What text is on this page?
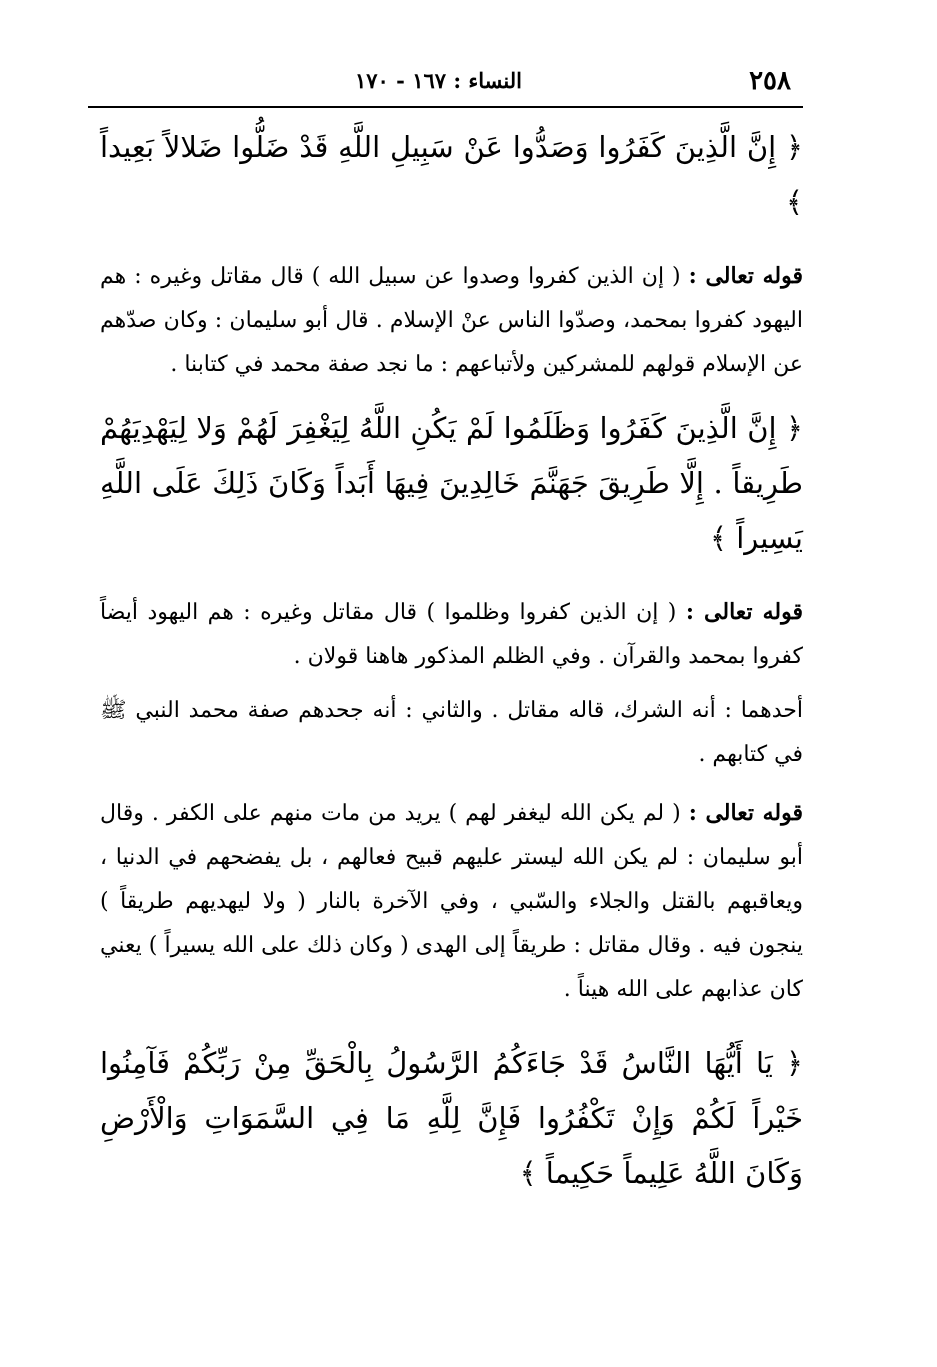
٢٥٨
النساء : ١٦٧ - ١٧٠

﴿ إِنَّ الَّذِينَ كَفَرُوا وَصَدُّوا عَنْ سَبِيلِ اللَّهِ قَدْ ضَلُّوا ضَلالاً بَعِيداً ﴾

قوله تعالى : ( إن الذين كفروا وصدوا عن سبيل الله ) قال مقاتل وغيره : هم اليهود كفروا بمحمد، وصدّوا الناس عنْ الإسلام . قال أبو سليمان : وكان صدّهم عن الإسلام قولهم للمشركين ولأتباعهم : ما نجد صفة محمد في كتابنا .

﴿ إِنَّ الَّذِينَ كَفَرُوا وَظَلَمُوا لَمْ يَكُنِ اللَّهُ لِيَغْفِرَ لَهُمْ وَلا لِيَهْدِيَهُمْ طَرِيقاً . إِلَّا طَرِيقَ جَهَنَّمَ خَالِدِينَ فِيهَا أَبَداً وَكَانَ ذَلِكَ عَلَى اللَّهِ يَسِيراً ﴾

قوله تعالى : ( إن الذين كفروا وظلموا ) قال مقاتل وغيره : هم اليهود أيضاً كفروا بمحمد والقرآن . وفي الظلم المذكور هاهنا قولان .

أحدهما : أنه الشرك، قاله مقاتل . والثاني : أنه جحدهم صفة محمد النبي ﷺ في كتابهم .

قوله تعالى : ( لم يكن الله ليغفر لهم ) يريد من مات منهم على الكفر . وقال أبو سليمان : لم يكن الله ليستر عليهم قبيح فعالهم ، بل يفضحهم في الدنيا ، ويعاقبهم بالقتل والجلاء والسّبي ، وفي الآخرة بالنار ( ولا ليهديهم طريقاً ) ينجون فيه . وقال مقاتل : طريقاً إلى الهدى ( وكان ذلك على الله يسيراً ) يعني كان عذابهم على الله هيناً .

﴿ يَا أَيُّهَا النَّاسُ قَدْ جَاءَكُمُ الرَّسُولُ بِالْحَقِّ مِنْ رَبِّكُمْ فَآمِنُوا خَيْراً لَكُمْ وَإِنْ تَكْفُرُوا فَإِنَّ لِلَّهِ مَا فِي السَّمَوَاتِ وَالْأَرْضِ وَكَانَ اللَّهُ عَلِيماً حَكِيماً ﴾
